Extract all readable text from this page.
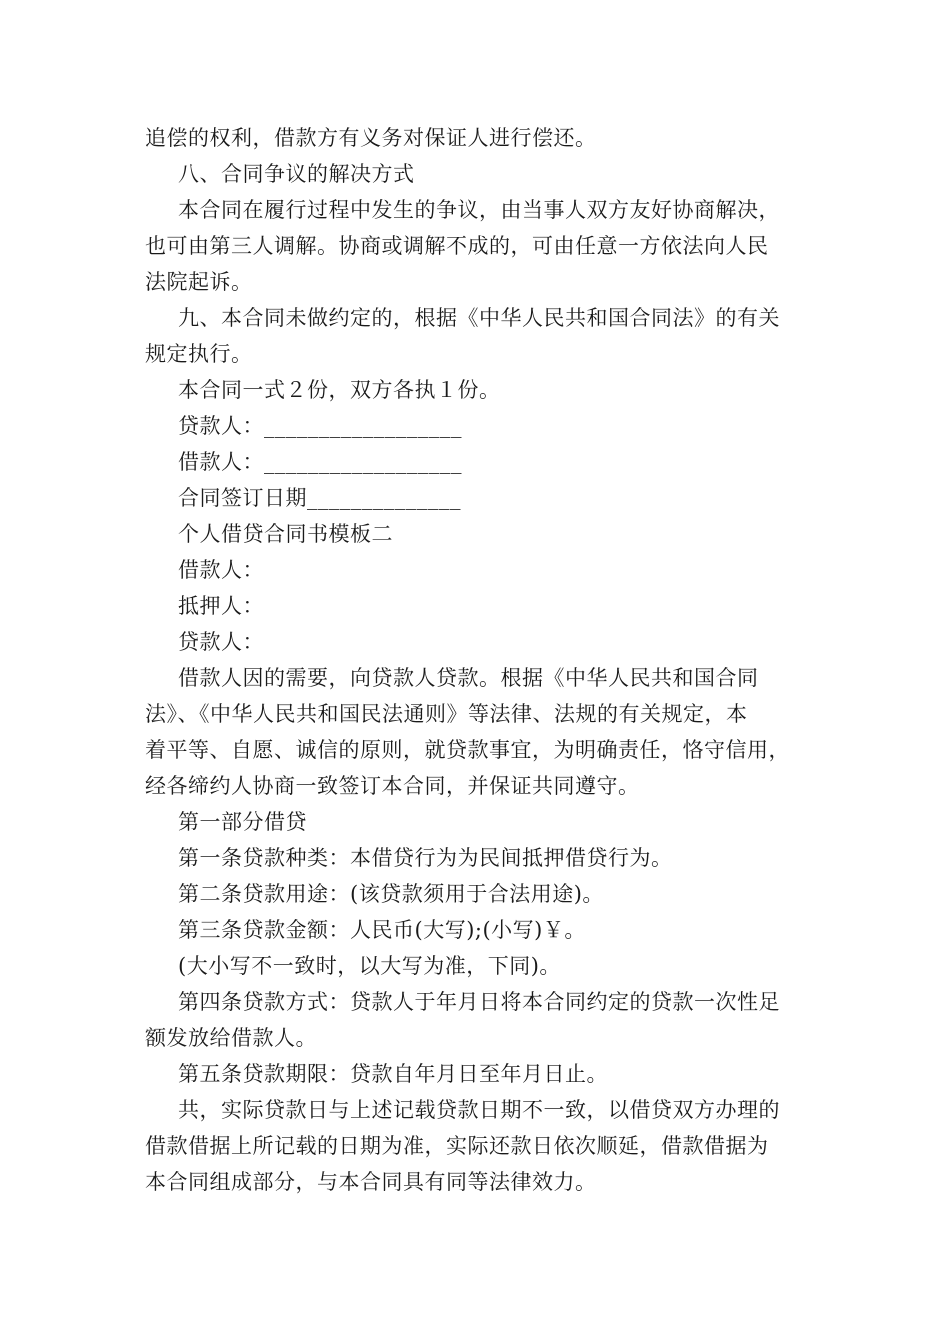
追偿的权利，借款方有义务对保证人进行偿还。

八、合同争议的解决方式

本合同在履行过程中发生的争议，由当事人双方友好协商解决，

也可由第三人调解。协商或调解不成的，可由任意一方依法向人民

法院起诉。

九、本合同未做约定的，根据《中华人民共和国合同法》的有关

规定执行。

本合同一式２份，双方各执１份。

贷款人：__________________

借款人：__________________

合同签订日期______________

个人借贷合同书模板二

借款人：

抵押人：

贷款人：

借款人因的需要，向贷款人贷款。根据《中华人民共和国合同

法》、《中华人民共和国民法通则》等法律、法规的有关规定，本

着平等、自愿、诚信的原则，就贷款事宜，为明确责任，恪守信用，

经各缔约人协商一致签订本合同，并保证共同遵守。

第一部分借贷

第一条贷款种类：本借贷行为为民间抵押借贷行为。

第二条贷款用途：(该贷款须用于合法用途)。

第三条贷款金额：人民币(大写);(小写)￥。

(大小写不一致时，以大写为准，下同)。

第四条贷款方式：贷款人于年月日将本合同约定的贷款一次性足

额发放给借款人。

第五条贷款期限：贷款自年月日至年月日止。

共，实际贷款日与上述记载贷款日期不一致，以借贷双方办理的

借款借据上所记载的日期为准，实际还款日依次顺延，借款借据为

本合同组成部分，与本合同具有同等法律效力。
